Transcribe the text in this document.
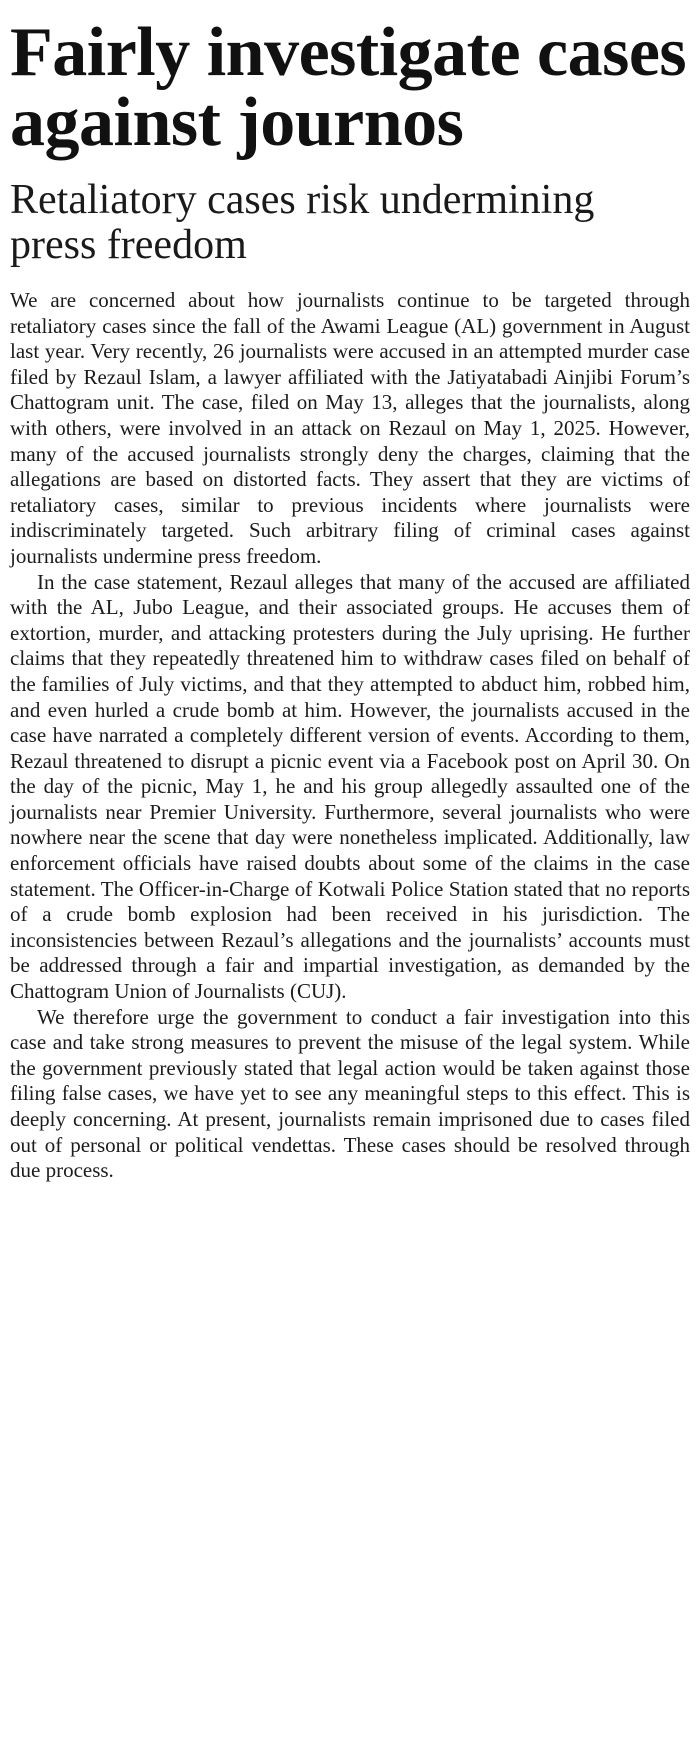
Fairly investigate cases against journos
Retaliatory cases risk undermining press freedom

We are concerned about how journalists continue to be targeted through retaliatory cases since the fall of the Awami League (AL) government in August last year. Very recently, 26 journalists were accused in an attempted murder case filed by Rezaul Islam, a lawyer affiliated with the Jatiyatabadi Ainjibi Forum’s Chattogram unit. The case, filed on May 13, alleges that the journalists, along with others, were involved in an attack on Rezaul on May 1, 2025. However, many of the accused journalists strongly deny the charges, claiming that the allegations are based on distorted facts. They assert that they are victims of retaliatory cases, similar to previous incidents where journalists were indiscriminately targeted. Such arbitrary filing of criminal cases against journalists undermine press freedom.

In the case statement, Rezaul alleges that many of the accused are affiliated with the AL, Jubo League, and their associated groups. He accuses them of extortion, murder, and attacking protesters during the July uprising. He further claims that they repeatedly threatened him to withdraw cases filed on behalf of the families of July victims, and that they attempted to abduct him, robbed him, and even hurled a crude bomb at him. However, the journalists accused in the case have narrated a completely different version of events. According to them, Rezaul threatened to disrupt a picnic event via a Facebook post on April 30. On the day of the picnic, May 1, he and his group allegedly assaulted one of the journalists near Premier University. Furthermore, several journalists who were nowhere near the scene that day were nonetheless implicated. Additionally, law enforcement officials have raised doubts about some of the claims in the case statement. The Officer-in-Charge of Kotwali Police Station stated that no reports of a crude bomb explosion had been received in his jurisdiction. The inconsistencies between Rezaul’s allegations and the journalists’ accounts must be addressed through a fair and impartial investigation, as demanded by the Chattogram Union of Journalists (CUJ).

We therefore urge the government to conduct a fair investigation into this case and take strong measures to prevent the misuse of the legal system. While the government previously stated that legal action would be taken against those filing false cases, we have yet to see any meaningful steps to this effect. This is deeply concerning. At present, journalists remain imprisoned due to cases filed out of personal or political vendettas. These cases should be resolved through due process.
